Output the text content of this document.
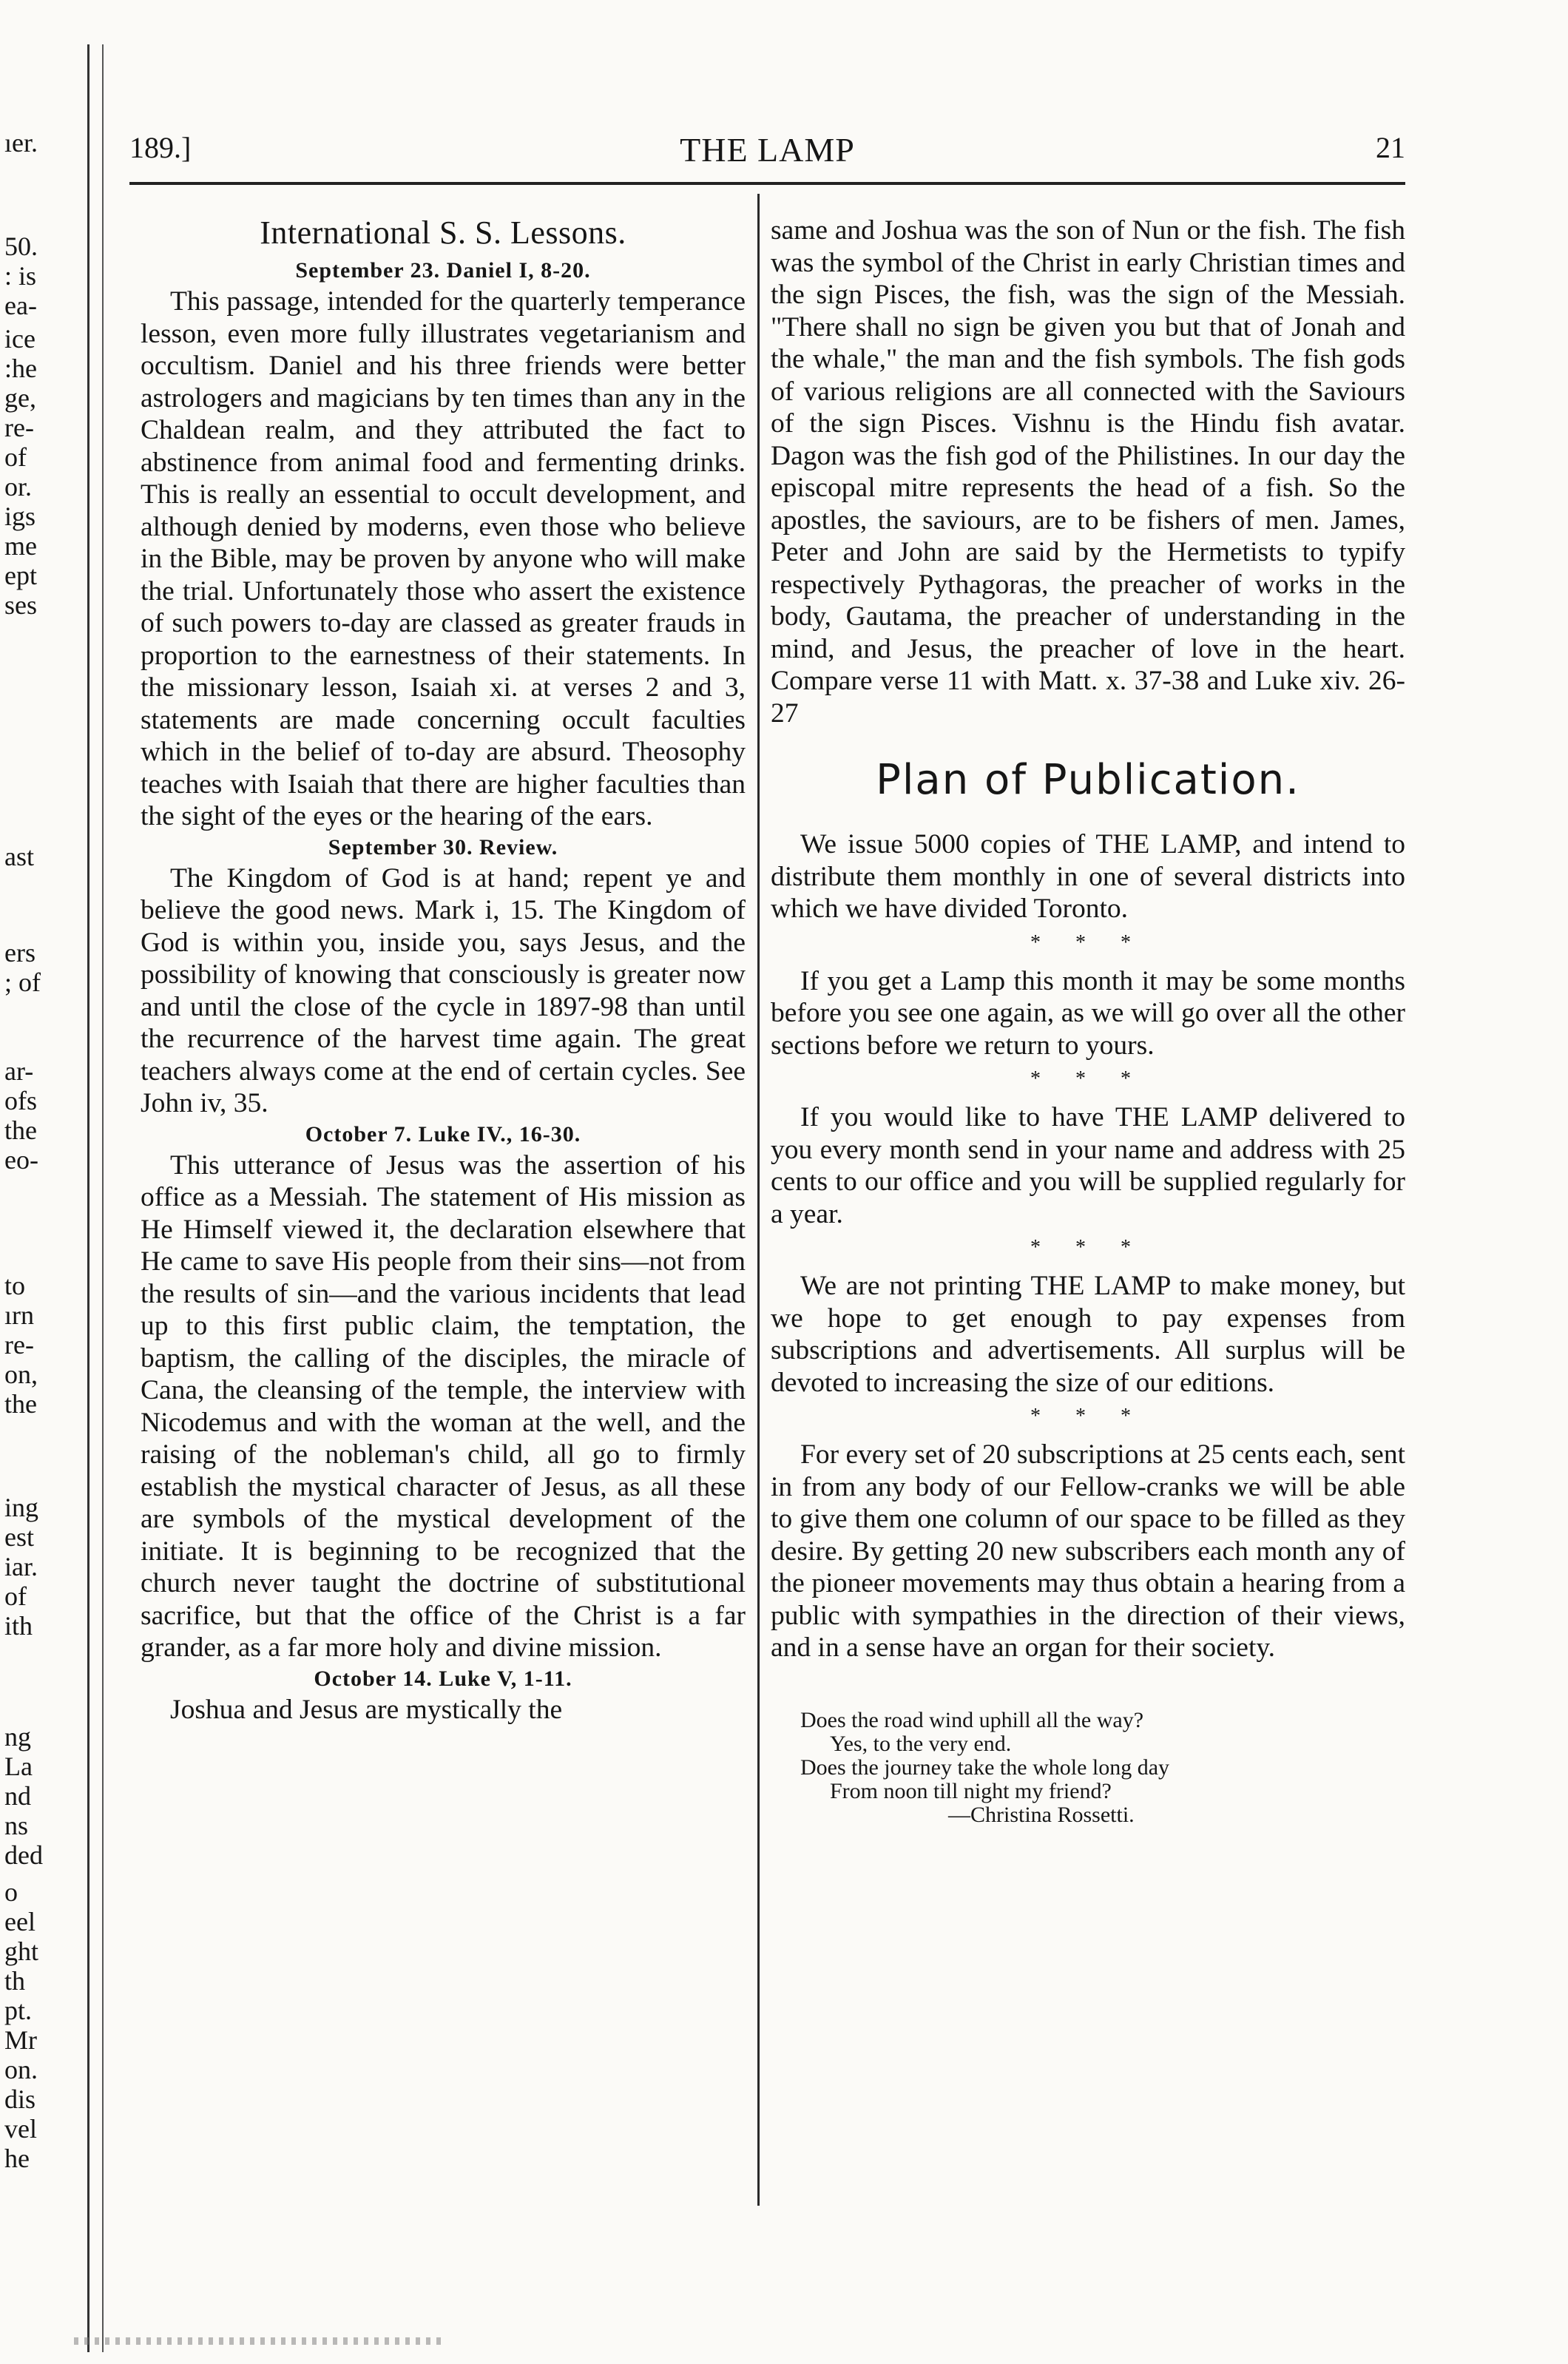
ıer.
50.
: is
ea-
ice
:he
ge,
re-
of
or.
igs
me
ept
ses
ast
ers
; of
ar-
ofs
the
eo-
to
ırn
re-
on,
the
ing
est
iar.
of
ith
ng
La
nd
ns
ded
o
eel
ght
th
pt.
Mr
on.
dis
vel
he
189.]	THE LAMP	21
International S. S. Lessons.
September 23. Daniel I, 8-20.

This passage, intended for the quarterly temperance lesson, even more fully illustrates vegetarianism and occultism. Daniel and his three friends were better astrologers and magicians by ten times than any in the Chaldean realm, and they attributed the fact to abstinence from animal food and fermenting drinks. This is really an essential to occult development, and although denied by moderns, even those who believe in the Bible, may be proven by anyone who will make the trial. Unfortunately those who assert the existence of such powers to-day are classed as greater frauds in proportion to the earnestness of their statements. In the missionary lesson, Isaiah xi. at verses 2 and 3, statements are made concerning occult faculties which in the belief of to-day are absurd. Theosophy teaches with Isaiah that there are higher faculties than the sight of the eyes or the hearing of the ears.

September 30. Review.

The Kingdom of God is at hand; repent ye and believe the good news. Mark i, 15. The Kingdom of God is within you, inside you, says Jesus, and the possibility of knowing that consciously is greater now and until the close of the cycle in 1897-98 than until the recurrence of the harvest time again. The great teachers always come at the end of certain cycles. See John iv, 35.

October 7. Luke IV., 16-30.

This utterance of Jesus was the assertion of his office as a Messiah. The statement of His mission as He Himself viewed it, the declaration elsewhere that He came to save His people from their sins—not from the results of sin—and the various incidents that lead up to this first public claim, the temptation, the baptism, the calling of the disciples, the miracle of Cana, the cleansing of the temple, the interview with Nicodemus and with the woman at the well, and the raising of the nobleman's child, all go to firmly establish the mystical character of Jesus, as all these are symbols of the mystical development of the initiate. It is beginning to be recognized that the church never taught the doctrine of substitutional sacrifice, but that the office of the Christ is a far grander, as a far more holy and divine mission.

October 14. Luke V, 1-11.

Joshua and Jesus are mystically the

same and Joshua was the son of Nun or the fish. The fish was the symbol of the Christ in early Christian times and the sign Pisces, the fish, was the sign of the Messiah. "There shall no sign be given you but that of Jonah and the whale," the man and the fish symbols. The fish gods of various religions are all connected with the Saviours of the sign Pisces. Vishnu is the Hindu fish avatar. Dagon was the fish god of the Philistines. In our day the episcopal mitre represents the head of a fish. So the apostles, the saviours, are to be fishers of men. James, Peter and John are said by the Hermetists to typify respectively Pythagoras, the preacher of works in the body, Gautama, the preacher of understanding in the mind, and Jesus, the preacher of love in the heart. Compare verse 11 with Matt. x. 37-38 and Luke xiv. 26-27

Plan of Publication.

We issue 5000 copies of THE LAMP, and intend to distribute them monthly in one of several districts into which we have divided Toronto.

* * *

If you get a Lamp this month it may be some months before you see one again, as we will go over all the other sections before we return to yours.

* * *

If you would like to have THE LAMP delivered to you every month send in your name and address with 25 cents to our office and you will be supplied regularly for a year.

* * *

We are not printing THE LAMP to make money, but we hope to get enough to pay expenses from subscriptions and advertisements. All surplus will be devoted to increasing the size of our editions.

* * *

For every set of 20 subscriptions at 25 cents each, sent in from any body of our Fellow-cranks we will be able to give them one column of our space to be filled as they desire. By getting 20 new subscribers each month any of the pioneer movements may thus obtain a hearing from a public with sympathies in the direction of their views, and in a sense have an organ for their society.

Does the road wind uphill all the way?
Yes, to the very end.
Does the journey take the whole long day
From noon till night my friend?
—Christina Rossetti.
